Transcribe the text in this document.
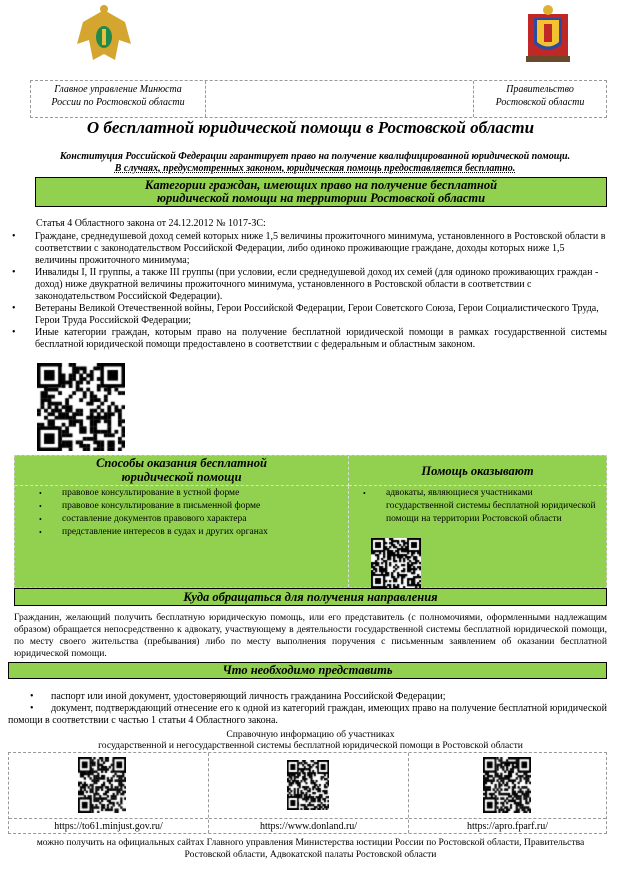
Главное управление Минюста
России по Ростовской области
Правительство
Ростовской области
О бесплатной юридической помощи в Ростовской области
Конституция Российской Федерации гарантирует право на получение квалифицированной юридической помощи.
В случаях, предусмотренных законом, юридическая помощь предоставляется бесплатно.
Категории граждан, имеющих право на получение бесплатной
юридической помощи на территории Ростовской области
Статья 4 Областного закона от 24.12.2012 № 1017-ЗС:
• Граждане, среднедушевой доход семей которых ниже 1,5 величины прожиточного минимума, установленного в Ростовской области в соответствии с законодательством Российской Федерации, либо одиноко проживающие граждане, доходы которых ниже 1,5 величины прожиточного минимума;
• Инвалиды I, II группы, а также III группы (при условии, если среднедушевой доход их семей (для одиноко проживающих граждан - доход) ниже двукратной величины прожиточного минимума, установленного в Ростовской области в соответствии с законодательством Российской Федерации).
• Ветераны Великой Отечественной войны, Герои Российской Федерации, Герои Советского Союза, Герои Социалистического Труда, Герои Труда Российской Федерации;
• Иные категории граждан, которым право на получение бесплатной юридической помощи в рамках государственной системы бесплатной юридической помощи предоставлено в соответствии с федеральным и областным законом.
Способы оказания бесплатной
юридической помощи	Помощь оказывают
• правовое консультирование в устной форме
• правовое консультирование в письменной форме
• составление документов правового характера
• представление интересов в судах и других органах
• адвокаты, являющиеся участниками государственной системы бесплатной юридической помощи на территории Ростовской области
Куда обращаться для получения направления
Гражданин, желающий получить бесплатную юридическую помощь, или его представитель (с полномочиями, оформленными надлежащим образом) обращается непосредственно к адвокату, участвующему в деятельности государственной системы бесплатной юридической помощи, по месту своего жительства (пребывания) либо по месту выполнения поручения с письменным заявлением об оказании бесплатной юридической помощи.
Что необходимо представить
•       паспорт или иной документ, удостоверяющий личность гражданина Российской Федерации;
•       документ, подтверждающий отнесение его к одной из категорий граждан, имеющих право на получение бесплатной юридической помощи в соответствии с частью 1 статьи 4 Областного закона.
Справочную информацию об участниках
государственной и негосударственной системы бесплатной юридической помощи в Ростовской области
https://to61.minjust.gov.ru/	https://www.donland.ru/	https://apro.fparf.ru/
можно получить на официальных сайтах Главного управления Министерства юстиции России по Ростовской области, Правительства
Ростовской области, Адвокатской палаты Ростовской области
